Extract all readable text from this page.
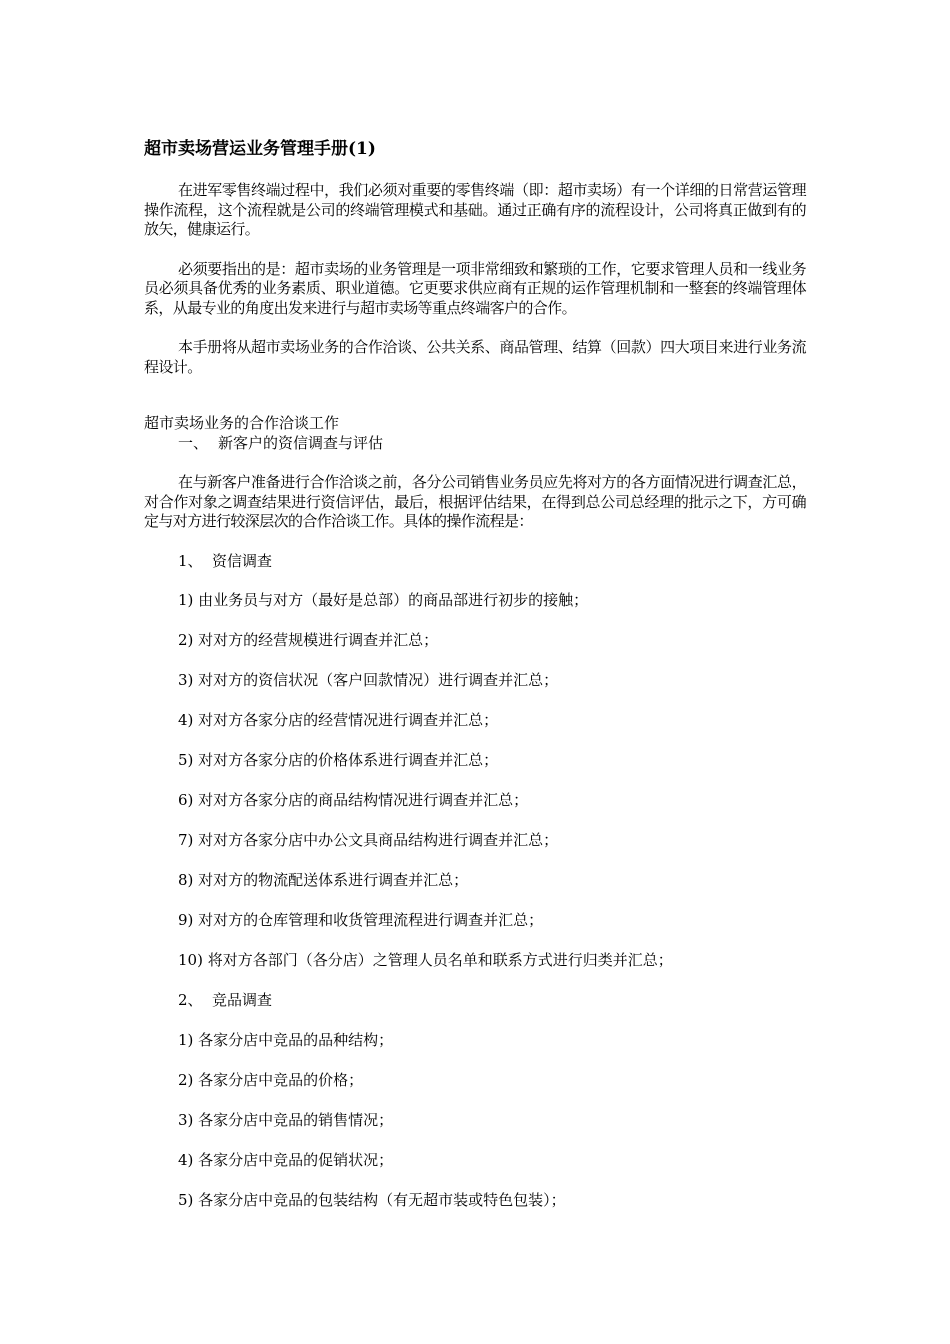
超市卖场营运业务管理手册(1)

在进军零售终端过程中，我们必须对重要的零售终端（即：超市卖场）有一个详细的日常营运管理操作流程，这个流程就是公司的终端管理模式和基础。通过正确有序的流程设计，公司将真正做到有的放矢，健康运行。

必须要指出的是：超市卖场的业务管理是一项非常细致和繁琐的工作，它要求管理人员和一线业务员必须具备优秀的业务素质、职业道德。它更要求供应商有正规的运作管理机制和一整套的终端管理体系，从最专业的角度出发来进行与超市卖场等重点终端客户的合作。

本手册将从超市卖场业务的合作洽谈、公共关系、商品管理、结算（回款）四大项目来进行业务流程设计。

超市卖场业务的合作洽谈工作
一、 新客户的资信调查与评估

在与新客户准备进行合作洽谈之前，各分公司销售业务员应先将对方的各方面情况进行调查汇总，对合作对象之调查结果进行资信评估，最后，根据评估结果，在得到总公司总经理的批示之下，方可确定与对方进行较深层次的合作洽谈工作。具体的操作流程是：

1、 资信调查
1) 由业务员与对方（最好是总部）的商品部进行初步的接触；
2) 对对方的经营规模进行调查并汇总；
3) 对对方的资信状况（客户回款情况）进行调查并汇总；
4) 对对方各家分店的经营情况进行调查并汇总；
5) 对对方各家分店的价格体系进行调查并汇总；
6) 对对方各家分店的商品结构情况进行调查并汇总；
7) 对对方各家分店中办公文具商品结构进行调查并汇总；
8) 对对方的物流配送体系进行调查并汇总；
9) 对对方的仓库管理和收货管理流程进行调查并汇总；
10) 将对方各部门（各分店）之管理人员名单和联系方式进行归类并汇总；
2、 竞品调查
1) 各家分店中竞品的品种结构；
2) 各家分店中竞品的价格；
3) 各家分店中竞品的销售情况；
4) 各家分店中竞品的促销状况；
5) 各家分店中竞品的包装结构（有无超市装或特色包装）；
